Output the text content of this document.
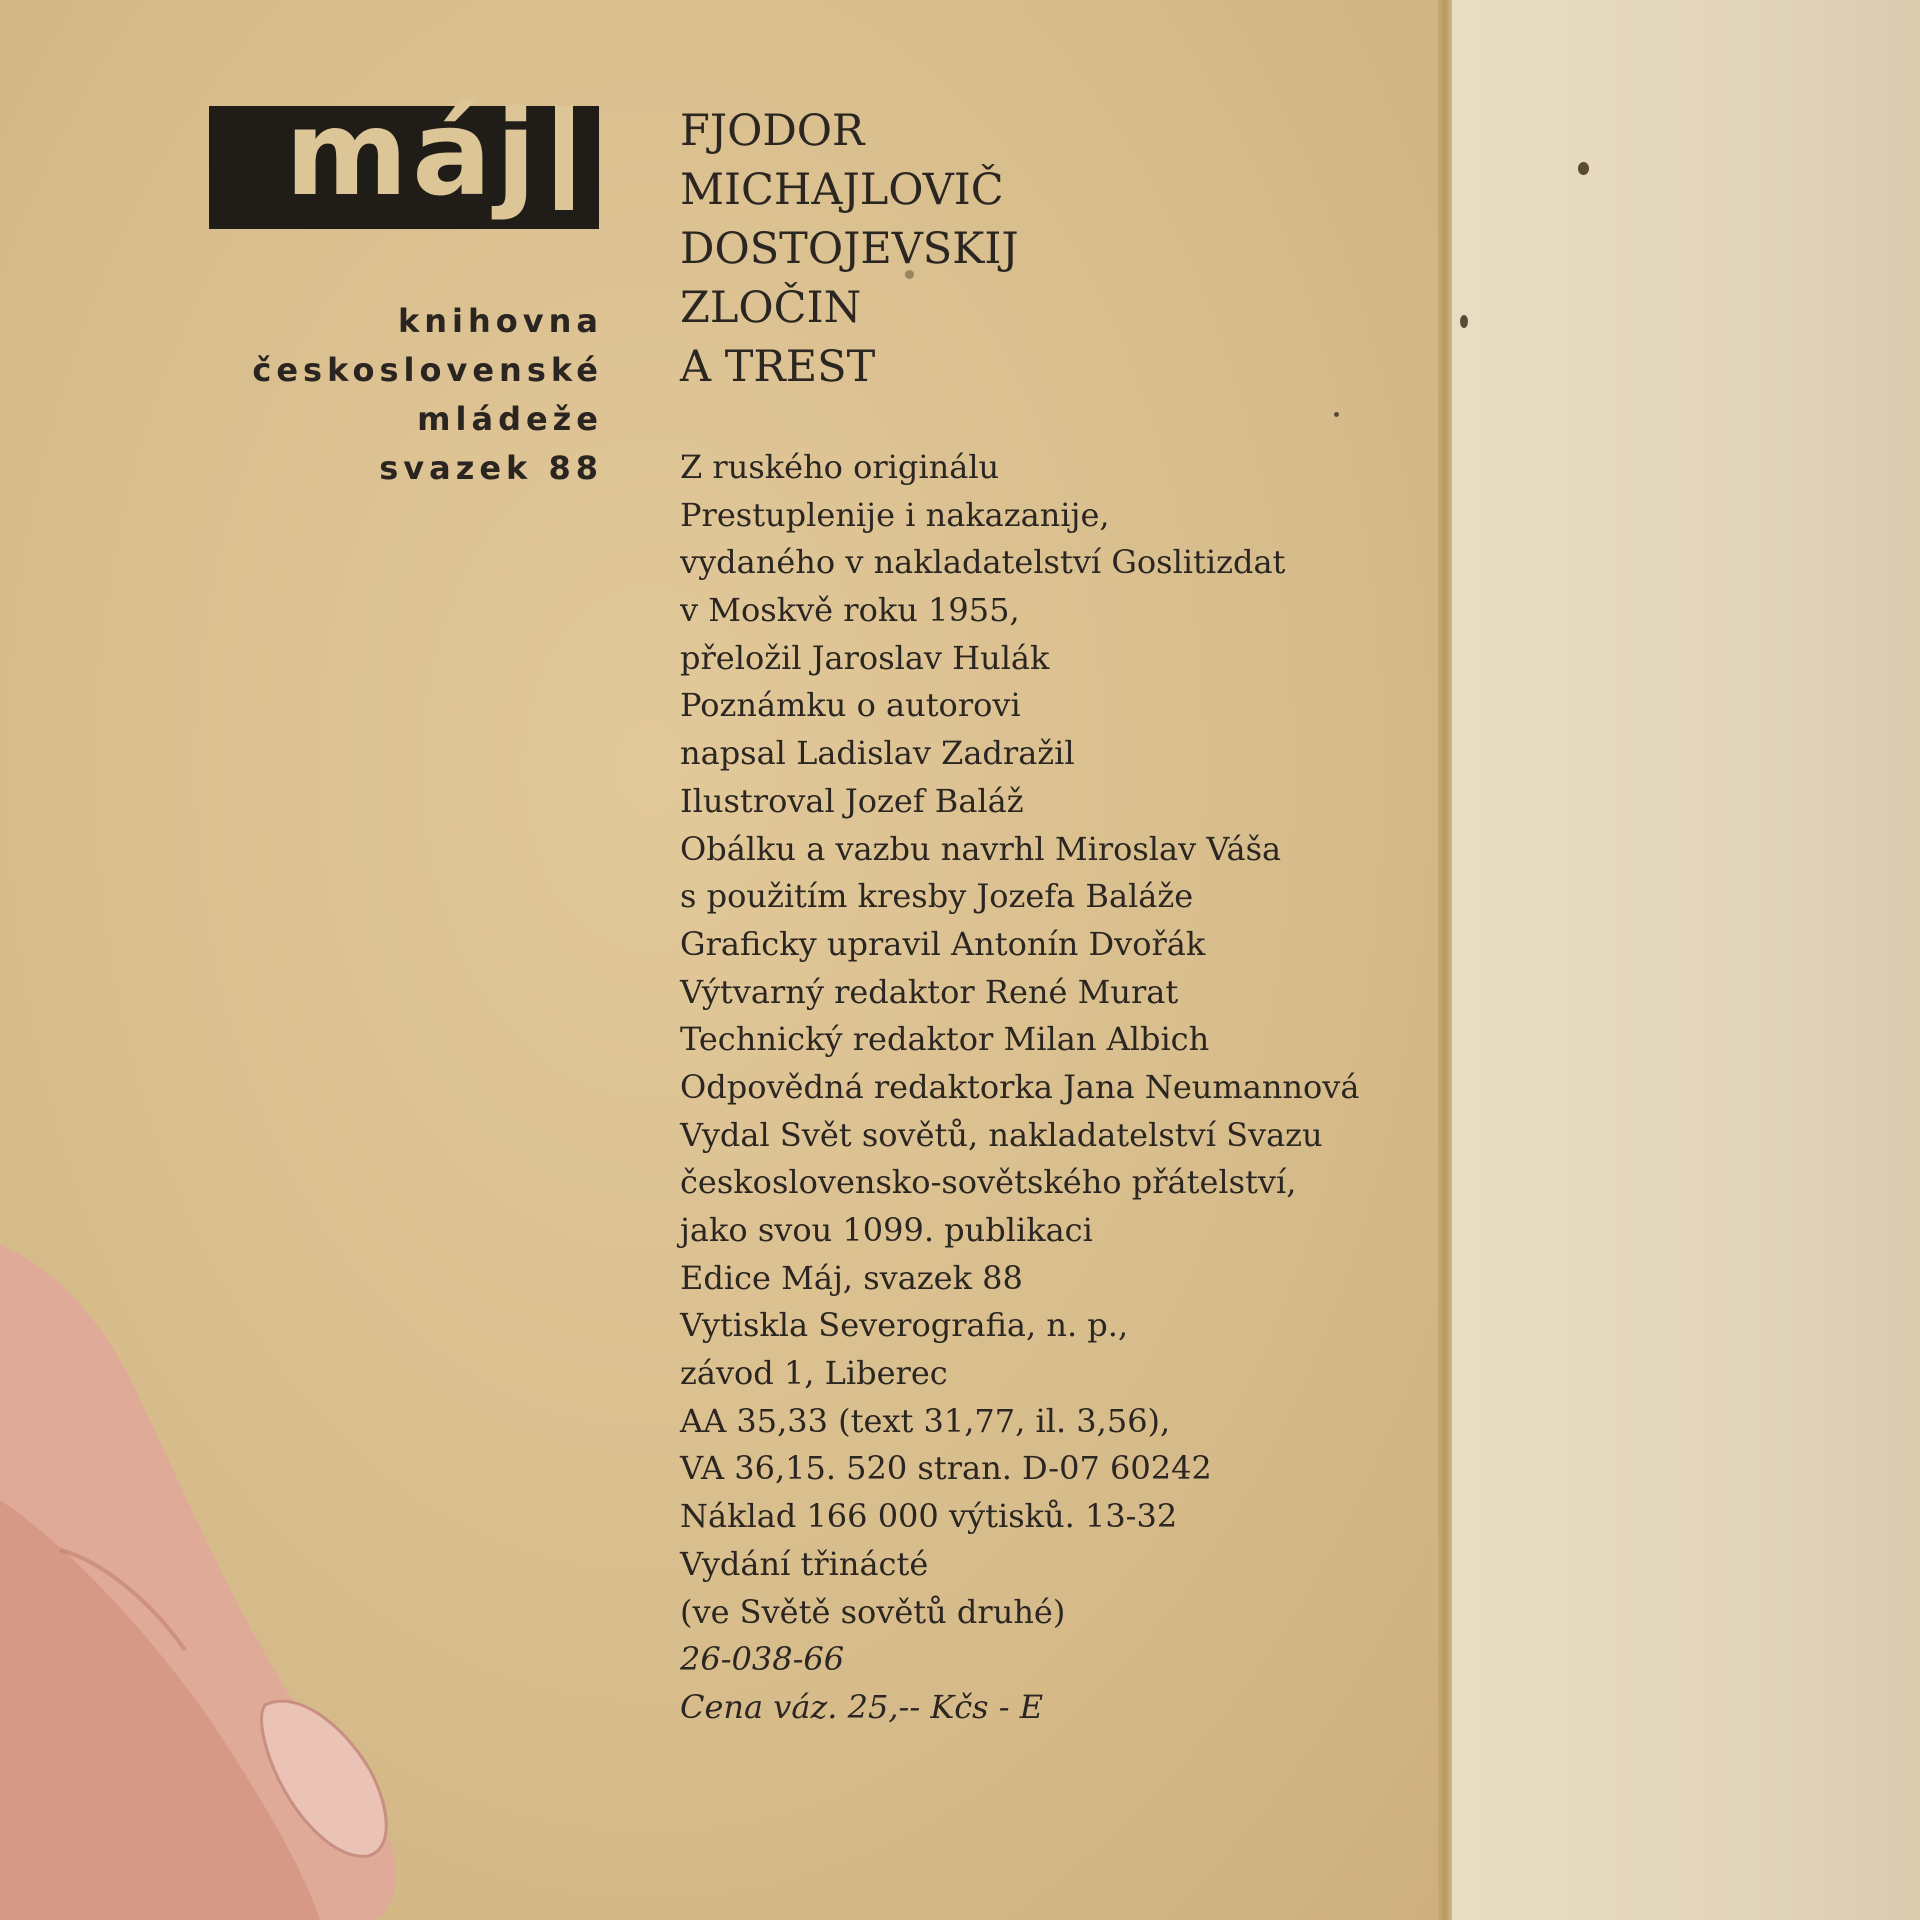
máj
knihovna
československé
mládeže
svazek 88
FJODOR
MICHAJLOVIČ
DOSTOJEVSKIJ
ZLOČIN
A TREST
Z ruského originálu
Prestuplenije i nakazanije,
vydaného v nakladatelství Goslitizdat
v Moskvě roku 1955,
přeložil Jaroslav Hulák
Poznámku o autorovi
napsal Ladislav Zadražil
Ilustroval Jozef Baláž
Obálku a vazbu navrhl Miroslav Váša
s použitím kresby Jozefa Baláže
Graficky upravil Antonín Dvořák
Výtvarný redaktor René Murat
Technický redaktor Milan Albich
Odpovědná redaktorka Jana Neumannová
Vydal Svět sovětů, nakladatelství Svazu
československo-sovětského přátelství,
jako svou 1099. publikaci
Edice Máj, svazek 88
Vytiskla Severografia, n. p.,
závod 1, Liberec
AA 35,33 (text 31,77, il. 3,56),
VA 36,15. 520 stran. D-07 60242
Náklad 166 000 výtisků. 13-32
Vydání třinácté
(ve Světě sovětů druhé)
26-038-66
Cena váz. 25,-- Kčs - E
